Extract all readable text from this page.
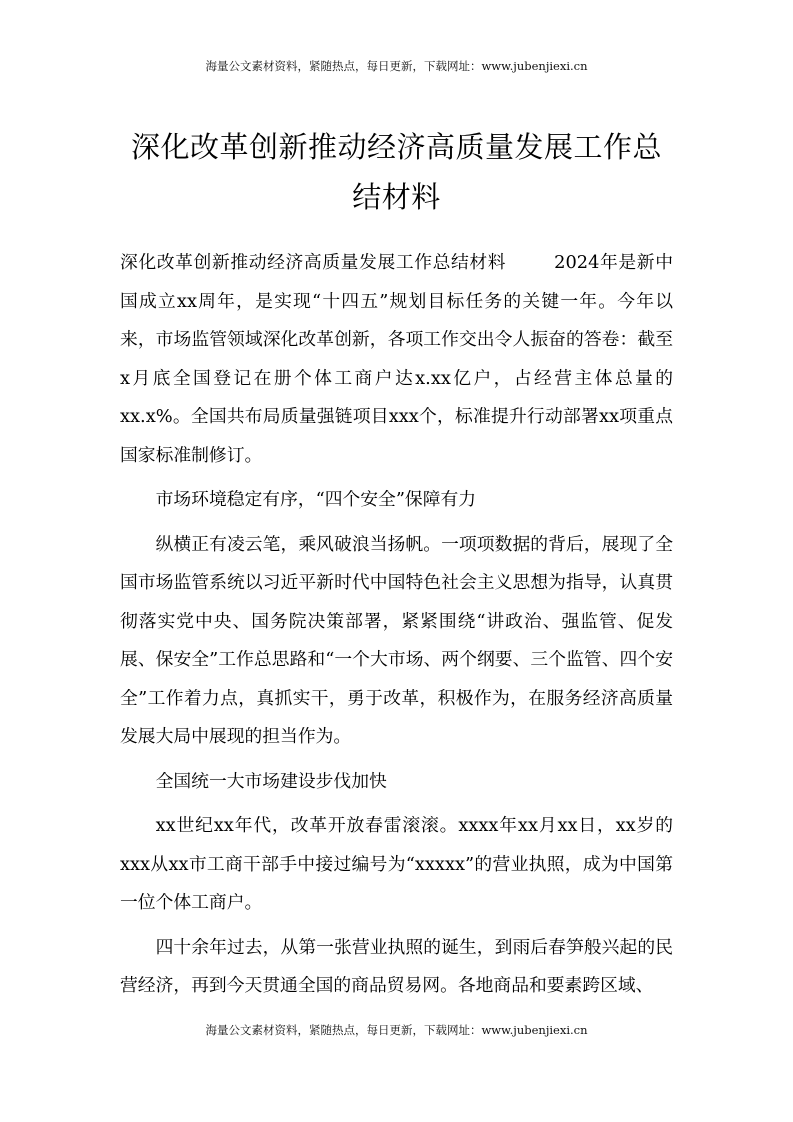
海量公文素材资料，紧随热点，每日更新，下载网址：www.jubenjiexi.cn
深化改革创新推动经济高质量发展工作总
结材料

深化改革创新推动经济高质量发展工作总结材料	2024年是新中国成立xx周年，是实现“十四五”规划目标任务的关键一年。今年以来，市场监管领域深化改革创新，各项工作交出令人振奋的答卷：截至x月底全国登记在册个体工商户达x.xx亿户，占经营主体总量的xx.x%。全国共布局质量强链项目xxx个，标准提升行动部署xx项重点国家标准制修订。

市场环境稳定有序，“四个安全”保障有力

纵横正有凌云笔，乘风破浪当扬帆。一项项数据的背后，展现了全国市场监管系统以习近平新时代中国特色社会主义思想为指导，认真贯彻落实党中央、国务院决策部署，紧紧围绕“讲政治、强监管、促发展、保安全”工作总思路和“一个大市场、两个纲要、三个监管、四个安全”工作着力点，真抓实干，勇于改革，积极作为，在服务经济高质量发展大局中展现的担当作为。

全国统一大市场建设步伐加快

xx世纪xx年代，改革开放春雷滚滚。xxxx年xx月xx日，xx岁的xxx从xx市工商干部手中接过编号为“xxxxx”的营业执照，成为中国第一位个体工商户。

四十余年过去，从第一张营业执照的诞生，到雨后春笋般兴起的民营经济，再到今天贯通全国的商品贸易网。各地商品和要素跨区域、

海量公文素材资料，紧随热点，每日更新，下载网址：www.jubenjiexi.cn
